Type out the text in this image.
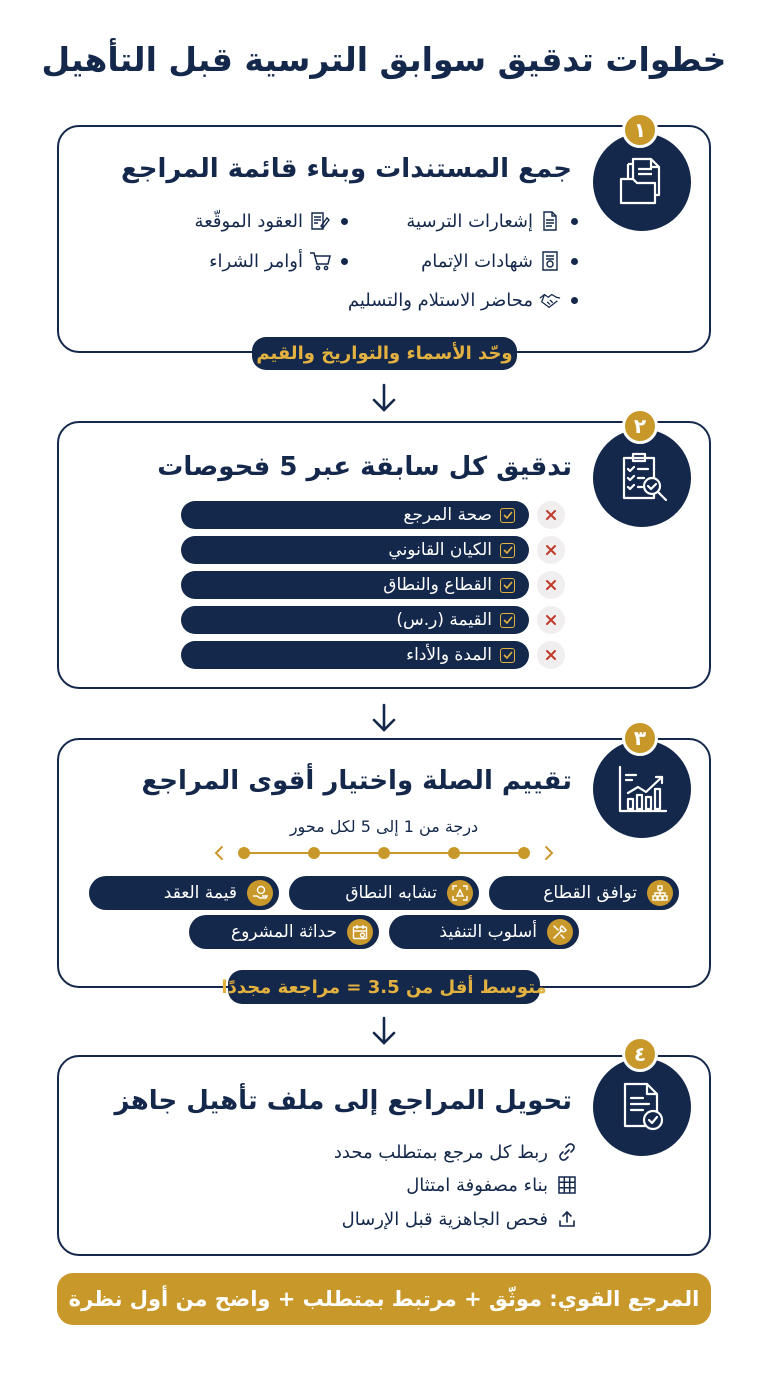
خطوات تدقيق سوابق الترسية قبل التأهيل
١
جمع المستندات وبناء قائمة المراجع
إشعارات الترسية
العقود الموقّعة
شهادات الإتمام
أوامر الشراء
محاضر الاستلام والتسليم
وحّد الأسماء والتواريخ والقيم
٢
تدقيق كل سابقة عبر 5 فحوصات
صحة المرجع
الكيان القانوني
القطاع والنطاق
القيمة (ر.س)
المدة والأداء
٣
تقييم الصلة واختيار أقوى المراجع
درجة من 1 إلى 5 لكل محور
توافق القطاع
تشابه النطاق
قيمة العقد
أسلوب التنفيذ
حداثة المشروع
متوسط أقل من 3.5 = مراجعة مجددًا
٤
تحويل المراجع إلى ملف تأهيل جاهز
ربط كل مرجع بمتطلب محدد
بناء مصفوفة امتثال
فحص الجاهزية قبل الإرسال
المرجع القوي: موثّق + مرتبط بمتطلب + واضح من أول نظرة
